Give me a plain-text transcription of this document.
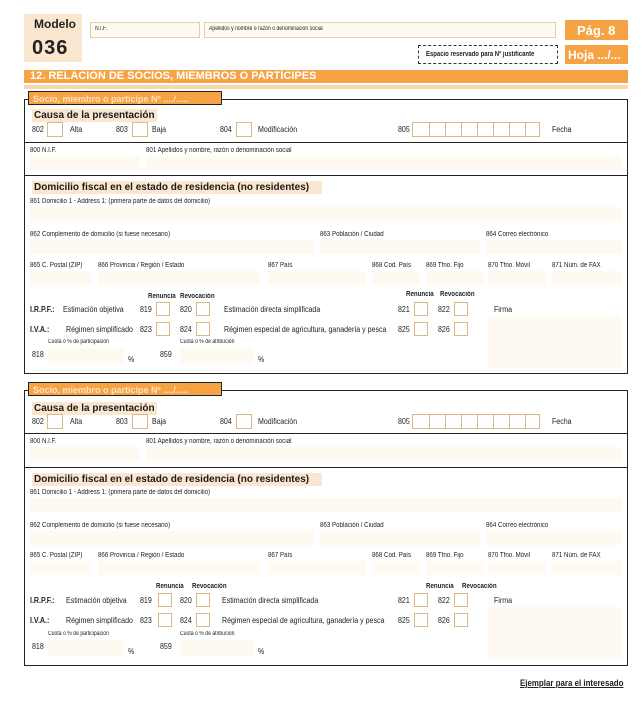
Modelo
036
N.I.F.	Apellidos y nombre o razón o denominación social	Pág. 8
Espacio reservado para Nº justificante	Hoja .../...
12. RELACIÓN DE SOCIOS, MIEMBROS O PARTÍCIPES
Socio, miembro o partícipe Nº ..../.....
Causa de la presentación
802	Alta	803	Baja	804	Modificación	805	Fecha
800 N.I.F.	801 Apellidos y nombre, razón o denominación social
Domicilio fiscal en el estado de residencia (no residentes)
861 Domicilio 1 - Address 1: (primera parte de datos del domicilio)
862 Complemento de domicilio (si fuese necesario)	863 Población / Ciudad	864 Correo electrónico
865 C. Postal (ZIP) 866 Provincia / Región / Estado	867 País	868 Cod. País 869 Tfno. Fijo	870 Tfno. Móvil	871 Núm. de FAX
Renuncia Revocación	Renuncia Revocación
I.R.P.F.: Estimación objetiva 819	820	Estimación directa simplificada	821	822	Firma
I.V.A.: Régimen simplificado 823	824	Régimen especial de agricultura, ganadería y pesca 825	826
Cuota o % de participación	Cuota o % de atribución
818
%
859
%
Socio, miembro o partícipe Nº ..../.....
Causa de la presentación
802	Alta	803	Baja	804	Modificación	805	Fecha
800 N.I.F.	801 Apellidos y nombre, razón o denominación social
Domicilio fiscal en el estado de residencia (no residentes)
861 Domicilio 1 - Address 1: (primera parte de datos del domicilio)
862 Complemento de domicilio (si fuese necesario)	863 Población / Ciudad	864 Correo electrónico
865 C. Postal (ZIP) 866 Provincia / Región / Estado	867 País	868 Cod. País 869 Tfno. Fijo	870 Tfno. Móvil	871 Núm. de FAX
Renuncia Revocación	Renuncia Revocación
I.R.P.F.: Estimación objetiva 819	820	Estimación directa simplificada	821	822	Firma
I.V.A.: Régimen simplificado 823	824	Régimen especial de agricultura, ganadería y pesca 825	826
Cuota o % de participación	Cuota o % de atribución
818
%
859
%
Ejemplar para el interesado
